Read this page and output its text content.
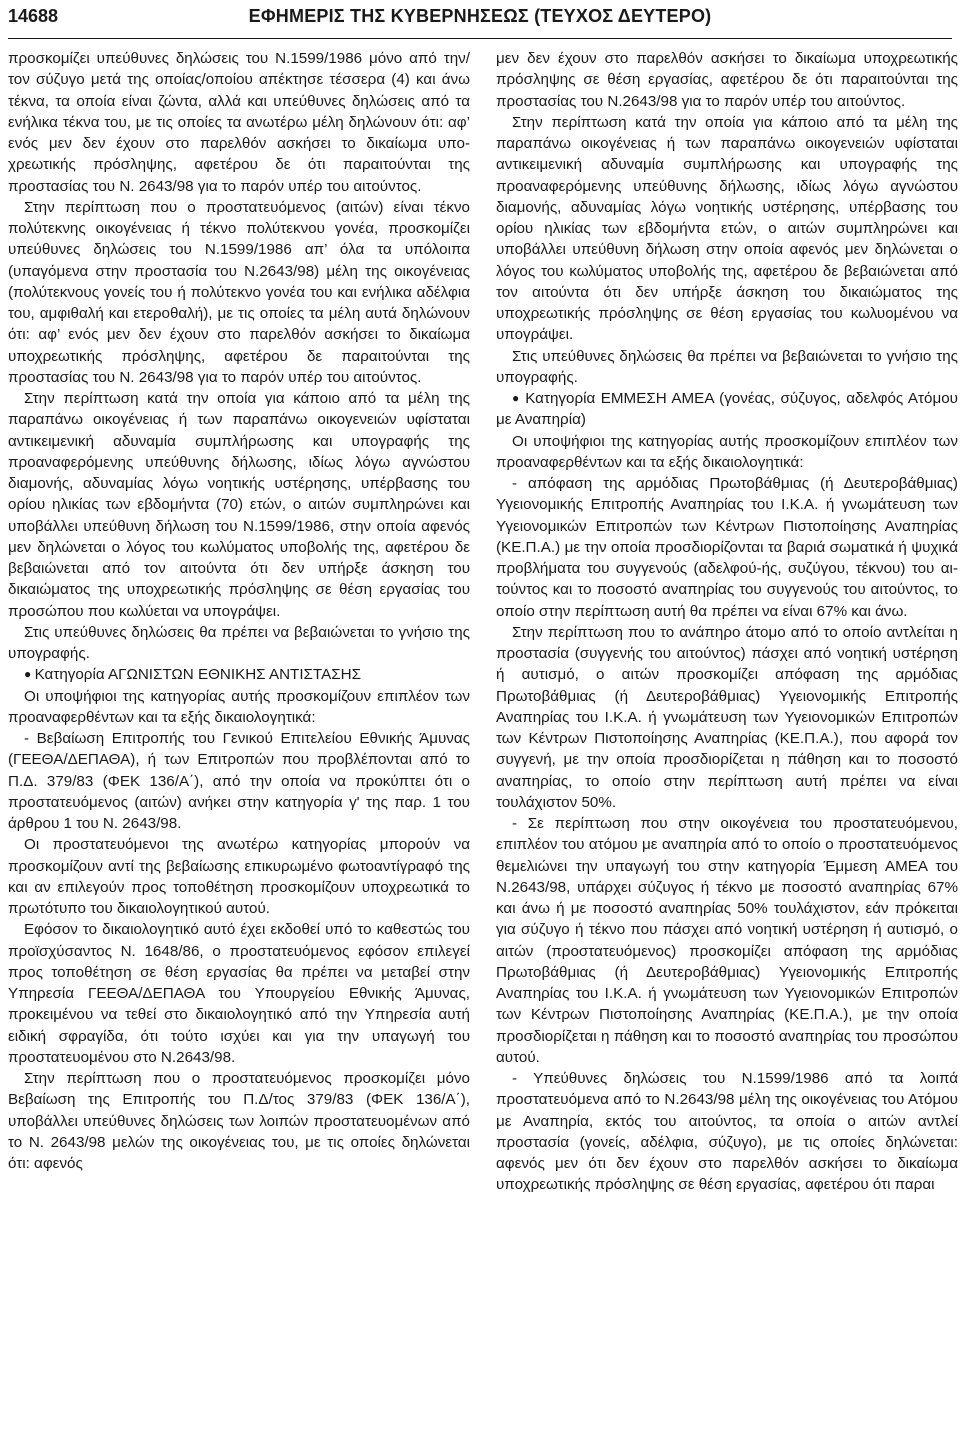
14688	ΕΦΗΜΕΡΙΣ ΤΗΣ ΚΥΒΕΡΝΗΣΕΩΣ (ΤΕΥΧΟΣ ΔΕΥΤΕΡΟ)

προσκομίζει υπεύθυνες δηλώσεις του Ν.1599/1986 μόνο από την/τον σύζυγο μετά της οποίας/οποίου απέκτησε τέσσερα (4) και άνω τέκνα, τα οποία είναι ζώντα, αλλά και υπεύθυνες δηλώσεις από τα ενήλικα τέκνα του, με τις οποίες τα ανωτέρω μέλη δηλώνουν ότι: αφ’ ενός μεν δεν έχουν στο παρελθόν ασκήσει το δικαίωμα υποχρεωτικής πρόσληψης, αφετέρου δε ότι παραιτούνται της προστασίας του Ν. 2643/98 για το παρόν υπέρ του αιτούντος.

Στην περίπτωση που ο προστατευόμενος (αιτών) είναι τέκνο πολύτεκνης οικογένειας ή τέκνο πολύτεκνου γονέα, προσκομίζει υπεύθυνες δηλώσεις του Ν.1599/1986 απ’ όλα τα υπόλοιπα (υπαγόμενα στην προστασία του Ν.2643/98) μέλη της οικογένειας (πολύτεκνους γονείς του ή πολύτεκνο γονέα του και ενήλικα αδέλφια του, αμφιθαλή και ετεροθαλή), με τις οποίες τα μέλη αυτά δηλώνουν ότι: αφ’ ενός μεν δεν έχουν στο παρελθόν ασκήσει το δικαίωμα υποχρεωτικής πρόσληψης, αφετέρου δε παραιτούνται της προστασίας του Ν. 2643/98 για το παρόν υπέρ του αιτούντος.

Στην περίπτωση κατά την οποία για κάποιο από τα μέλη της παραπάνω οικογένειας ή των παραπάνω οικογενειών υφίσταται αντικειμενική αδυναμία συμπλήρωσης και υπογραφής της προαναφερόμενης υπεύθυνης δήλωσης, ιδίως λόγω αγνώστου διαμονής, αδυναμίας λόγω νοητικής υστέρησης, υπέρβασης του ορίου ηλικίας των εβδομήντα (70) ετών, ο αιτών συμπληρώνει και υποβάλλει υπεύθυνη δήλωση του Ν.1599/1986, στην οποία αφενός μεν δηλώνεται ο λόγος του κωλύματος υποβολής της, αφετέρου δε βεβαιώνεται από τον αιτούντα ότι δεν υπήρξε άσκηση του δικαιώματος της υποχρεωτικής πρόσληψης σε θέση εργασίας του προσώπου που κωλύεται να υπογράψει.

Στις υπεύθυνες δηλώσεις θα πρέπει να βεβαιώνεται το γνήσιο της υπογραφής.

● Κατηγορία ΑΓΩΝΙΣΤΩΝ ΕΘΝΙΚΗΣ ΑΝΤΙΣΤΑΣΗΣ

Οι υποψήφιοι της κατηγορίας αυτής προσκομίζουν επιπλέον των προαναφερθέντων και τα εξής δικαιολογητικά:

- Βεβαίωση Επιτροπής του Γενικού Επιτελείου Εθνικής Άμυνας (ΓΕΕΘΑ/ΔΕΠΑΘΑ), ή των Επιτροπών που προβλέπονται από το Π.Δ. 379/83 (ΦΕΚ 136/Α΄), από την οποία να προκύπτει ότι ο προστατευόμενος (αιτών) ανήκει στην κατηγορία γ' της παρ. 1 του άρθρου 1 του Ν. 2643/98.

Οι προστατευόμενοι της ανωτέρω κατηγορίας μπορούν να προσκομίζουν αντί της βεβαίωσης επικυρωμένο φωτοαντίγραφό της και αν επιλεγούν προς τοποθέτηση προσκομίζουν υποχρεωτικά το πρωτότυπο του δικαιολογητικού αυτού.

Εφόσον το δικαιολογητικό αυτό έχει εκδοθεί υπό το καθεστώς του προϊσχύσαντος Ν. 1648/86, ο προστατευόμενος εφόσον επιλεγεί προς τοποθέτηση σε θέση εργασίας θα πρέπει να μεταβεί στην Υπηρεσία ΓΕΕΘΑ/ΔΕΠΑΘΑ του Υπουργείου Εθνικής Άμυνας, προκειμένου να τεθεί στο δικαιολογητικό από την Υπηρεσία αυτή ειδική σφραγίδα, ότι τούτο ισχύει και για την υπαγωγή του προστατευομένου στο Ν.2643/98.

Στην περίπτωση που ο προστατευόμενος προσκομίζει μόνο Βεβαίωση της Επιτροπής του Π.Δ/τος 379/83 (ΦΕΚ 136/Α΄), υποβάλλει υπεύθυνες δηλώσεις των λοιπών προστατευομένων από το Ν. 2643/98 μελών της οικογένειας του, με τις οποίες δηλώνεται ότι: αφενός

μεν δεν έχουν στο παρελθόν ασκήσει το δικαίωμα υποχρεωτικής πρόσληψης σε θέση εργασίας, αφετέρου δε ότι παραιτούνται της προστασίας του Ν.2643/98 για το παρόν υπέρ του αιτούντος.

Στην περίπτωση κατά την οποία για κάποιο από τα μέλη της παραπάνω οικογένειας ή των παραπάνω οικογενειών υφίσταται αντικειμενική αδυναμία συμπλήρωσης και υπογραφής της προαναφερόμενης υπεύθυνης δήλωσης, ιδίως λόγω αγνώστου διαμονής, αδυναμίας λόγω νοητικής υστέρησης, υπέρβασης του ορίου ηλικίας των εβδομήντα ετών, ο αιτών συμπληρώνει και υποβάλλει υπεύθυνη δήλωση στην οποία αφενός μεν δηλώνεται ο λόγος του κωλύματος υποβολής της, αφετέρου δε βεβαιώνεται από τον αιτούντα ότι δεν υπήρξε άσκηση του δικαιώματος της υποχρεωτικής πρόσληψης σε θέση εργασίας του κωλυομένου να υπογράψει.

Στις υπεύθυνες δηλώσεις θα πρέπει να βεβαιώνεται το γνήσιο της υπογραφής.

● Κατηγορία ΕΜΜΕΣΗ ΑΜΕΑ (γονέας, σύζυγος, αδελφός Ατόμου με Αναπηρία)

Οι υποψήφιοι της κατηγορίας αυτής προσκομίζουν επιπλέον των προαναφερθέντων και τα εξής δικαιολογητικά:

- απόφαση της αρμόδιας Πρωτοβάθμιας (ή Δευτεροβάθμιας) Υγειονομικής Επιτροπής Αναπηρίας του Ι.Κ.Α. ή γνωμάτευση των Υγειονομικών Επιτροπών των Κέντρων Πιστοποίησης Αναπηρίας (ΚΕ.Π.Α.) με την οποία προσδιορίζονται τα βαριά σωματικά ή ψυχικά προβλήματα του συγγενούς (αδελφού-ής, συζύγου, τέκνου) του αιτούντος και το ποσοστό αναπηρίας του συγγενούς του αιτούντος, το οποίο στην περίπτωση αυτή θα πρέπει να είναι 67% και άνω.

Στην περίπτωση που το ανάπηρο άτομο από το οποίο αντλείται η προστασία (συγγενής του αιτούντος) πάσχει από νοητική υστέρηση ή αυτισμό, ο αιτών προσκομίζει απόφαση της αρμόδιας Πρωτοβάθμιας (ή Δευτεροβάθμιας) Υγειονομικής Επιτροπής Αναπηρίας του Ι.Κ.Α. ή γνωμάτευση των Υγειονομικών Επιτροπών των Κέντρων Πιστοποίησης Αναπηρίας (ΚΕ.Π.Α.), που αφορά τον συγγενή, με την οποία προσδιορίζεται η πάθηση και το ποσοστό αναπηρίας, το οποίο στην περίπτωση αυτή πρέπει να είναι τουλάχιστον 50%.

- Σε περίπτωση που στην οικογένεια του προστατευόμενου, επιπλέον του ατόμου με αναπηρία από το οποίο ο προστατευόμενος θεμελιώνει την υπαγωγή του στην κατηγορία Έμμεση ΑΜΕΑ του Ν.2643/98, υπάρχει σύζυγος ή τέκνο με ποσοστό αναπηρίας 67% και άνω ή με ποσοστό αναπηρίας 50% τουλάχιστον, εάν πρόκειται για σύζυγο ή τέκνο που πάσχει από νοητική υστέρηση ή αυτισμό, ο αιτών (προστατευόμενος) προσκομίζει απόφαση της αρμόδιας Πρωτοβάθμιας (ή Δευτεροβάθμιας) Υγειονομικής Επιτροπής Αναπηρίας του Ι.Κ.Α. ή γνωμάτευση των Υγειονομικών Επιτροπών των Κέντρων Πιστοποίησης Αναπηρίας (ΚΕ.Π.Α.), με την οποία προσδιορίζεται η πάθηση και το ποσοστό αναπηρίας του προσώπου αυτού.

- Υπεύθυνες δηλώσεις του Ν.1599/1986 από τα λοιπά προστατευόμενα από το Ν.2643/98 μέλη της οικογένειας του Ατόμου με Αναπηρία, εκτός του αιτούντος, τα οποία ο αιτών αντλεί προστασία (γονείς, αδέλφια, σύζυγο), με τις οποίες δηλώνεται: αφενός μεν ότι δεν έχουν στο παρελθόν ασκήσει το δικαίωμα υποχρεωτικής πρόσληψης σε θέση εργασίας, αφετέρου ότι παραι
